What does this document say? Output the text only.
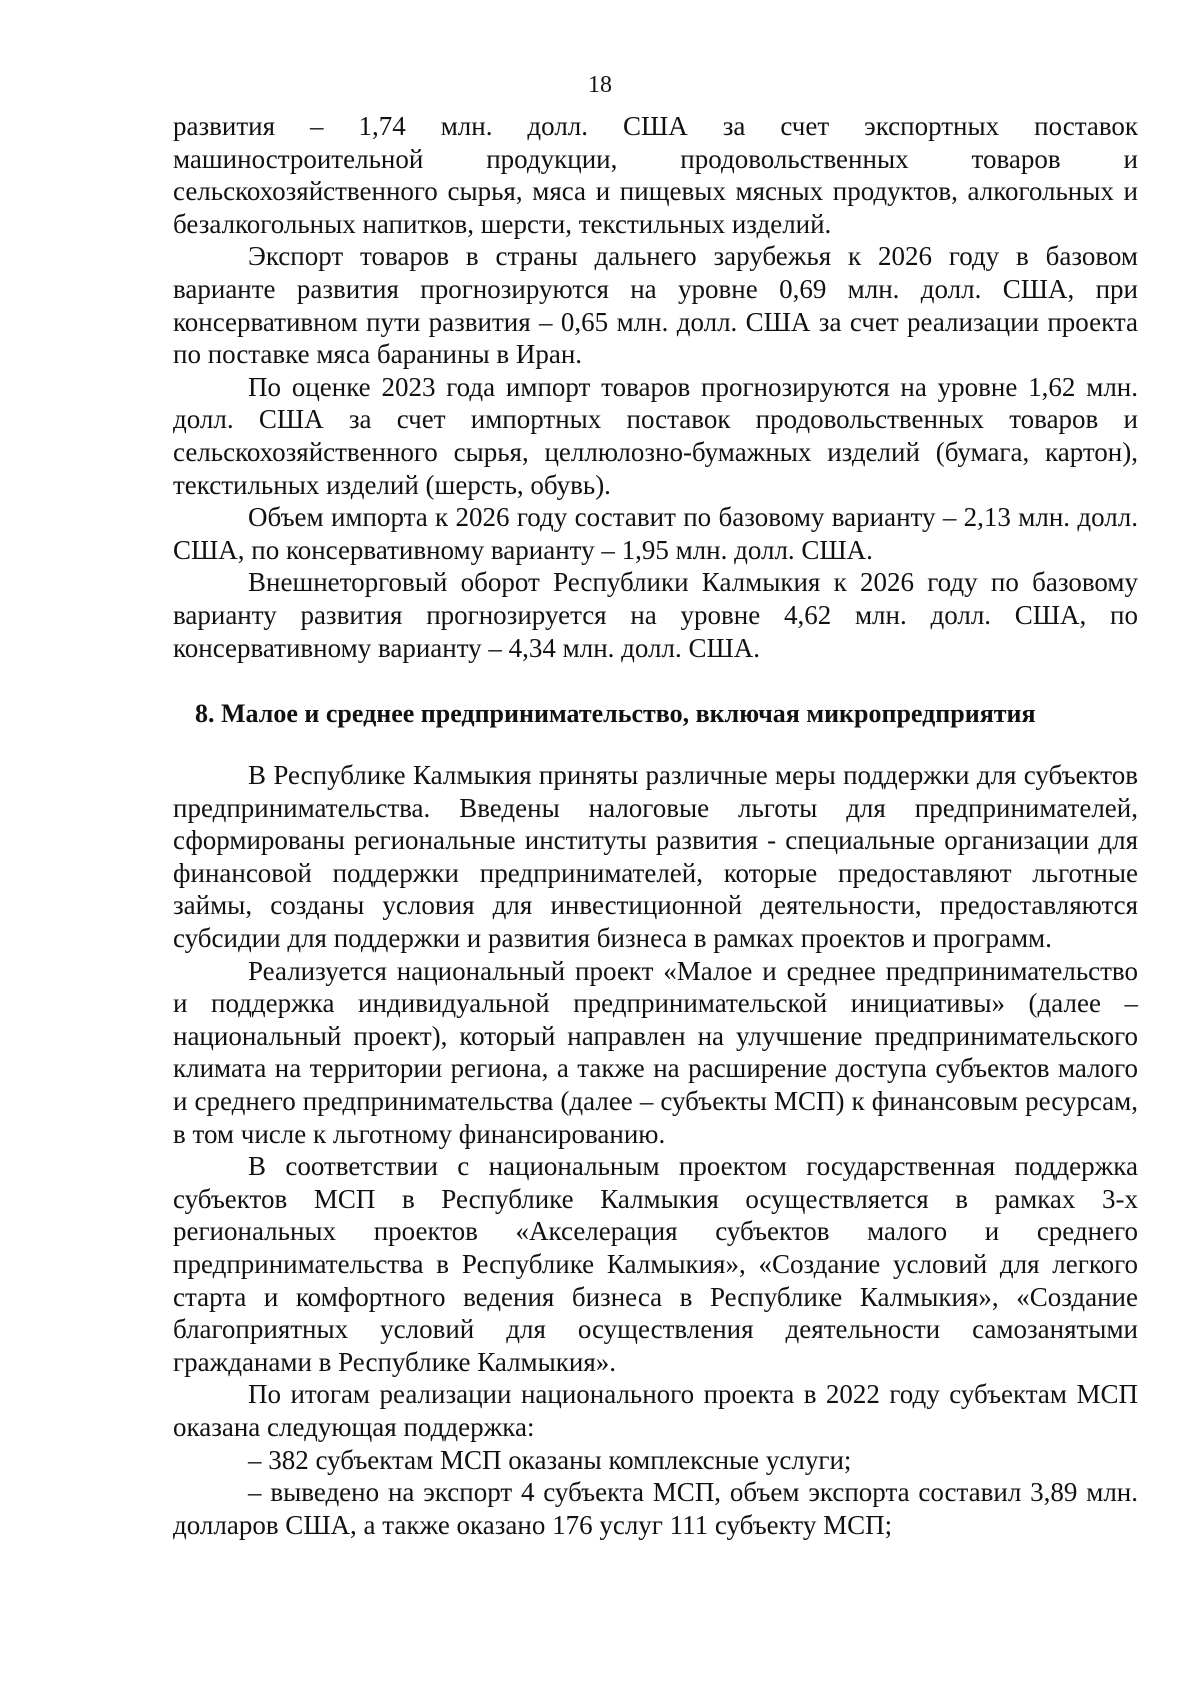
18

развития – 1,74 млн. долл. США за счет экспортных поставок машиностроительной продукции, продовольственных товаров и сельскохозяйственного сырья, мяса и пищевых мясных продуктов, алкогольных и безалкогольных напитков, шерсти, текстильных изделий.

Экспорт товаров в страны дальнего зарубежья к 2026 году в базовом варианте развития прогнозируются на уровне 0,69 млн. долл. США, при консервативном пути развития – 0,65 млн. долл. США за счет реализации проекта по поставке мяса баранины в Иран.

По оценке 2023 года импорт товаров прогнозируются на уровне 1,62 млн. долл. США за счет импортных поставок продовольственных товаров и сельскохозяйственного сырья, целлюлозно-бумажных изделий (бумага, картон), текстильных изделий (шерсть, обувь).

Объем импорта к 2026 году составит по базовому варианту – 2,13 млн. долл. США, по консервативному варианту – 1,95 млн. долл. США.

Внешнеторговый оборот Республики Калмыкия к 2026 году по базовому варианту развития прогнозируется на уровне 4,62 млн. долл. США, по консервативному варианту – 4,34 млн. долл. США.

8. Малое и среднее предпринимательство, включая микропредприятия

В Республике Калмыкия приняты различные меры поддержки для субъектов предпринимательства. Введены налоговые льготы для предпринимателей, сформированы региональные институты развития - специальные организации для финансовой поддержки предпринимателей, которые предоставляют льготные займы, созданы условия для инвестиционной деятельности, предоставляются субсидии для поддержки и развития бизнеса в рамках проектов и программ.

Реализуется национальный проект «Малое и среднее предпринимательство и поддержка индивидуальной предпринимательской инициативы» (далее – национальный проект), который направлен на улучшение предпринимательского климата на территории региона, а также на расширение доступа субъектов малого и среднего предпринимательства (далее – субъекты МСП) к финансовым ресурсам, в том числе к льготному финансированию.

В соответствии с национальным проектом государственная поддержка субъектов МСП в Республике Калмыкия осуществляется в рамках 3-х региональных проектов «Акселерация субъектов малого и среднего предпринимательства в Республике Калмыкия», «Создание условий для легкого старта и комфортного ведения бизнеса в Республике Калмыкия», «Создание благоприятных условий для осуществления деятельности самозанятыми гражданами в Республике Калмыкия».

По итогам реализации национального проекта в 2022 году субъектам МСП оказана следующая поддержка:

– 382 субъектам МСП оказаны комплексные услуги;

– выведено на экспорт 4 субъекта МСП, объем экспорта составил 3,89 млн. долларов США, а также оказано 176 услуг 111 субъекту МСП;
